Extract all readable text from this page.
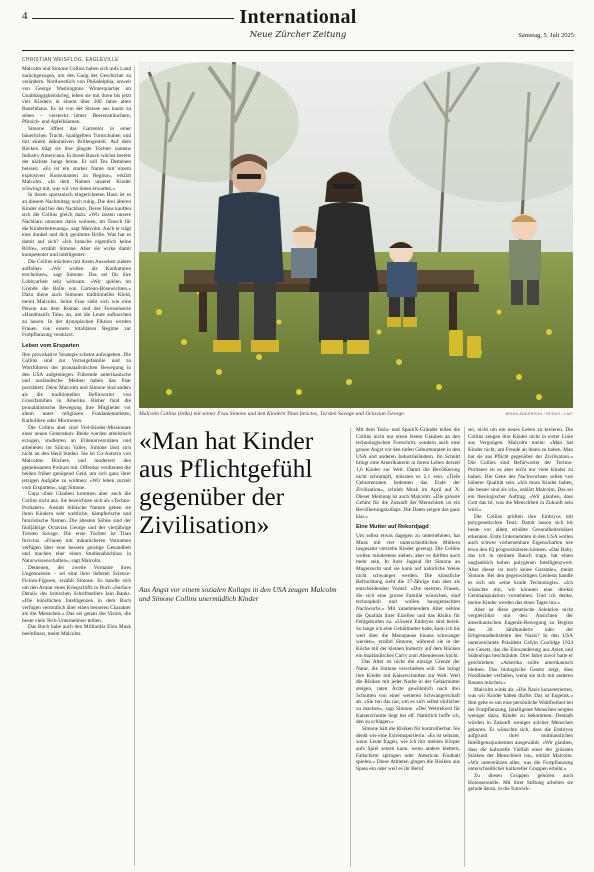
4	International
Neue Zürcher Zeitung	Samstag, 5. Juli 2025
CHRISTIAN WEISFLOG, EAGLEVILLE

Malcolm und Simone Collins haben sich aufs Land zurückgezogen, um den Gang der Geschichte zu verändern. Nordwestlich von Philadelphia, unweit von George Washingtons Winterquartier im Unabhängigkeitskrieg, leben sie mit ihren bis jetzt vier Kindern in einem über 200 Jahre alten Bauernhaus. Es ist von der Strasse aus kaum zu sehen – versteckt hinter Beerensträuchern, Pfirsich- und Apfelbäumen.

Simone öffnet das Gartentor in einer bäuerlichen Tracht, knallgelben Turnschuhen und mit einem dekorativen Brillengestell. Auf dem Rücken trägt sie ihre jüngste Tochter namens Industry Americana. In ihrem Bauch wächst bereits der nächste Junge heran. Er soll Tex Demenen heissen. «Es ist ein starker Name mit einem explosiven Konsonanten zu Beginn», erklärt Malcolm. «In dem Namen unserer Kinder schwingt mit, was wir von ihnen erwarten.»

In ihrem spartanisch eingerichteten Haus ist es an diesem Nachmittag noch ruhig. Die drei älteren Kinder sind bei den Nachbarn. Deren Haus kauften sich die Collins gleich dazu. «Wir lassen unsere Nachbarn umsonst darin wohnen, im Tausch für die Kinderbetreuung», sagt Malcolm. Auch er trägt eine dunkel und dick gerahmte Brille. Was hat es damit auf sich? «Ich brauche eigentlich keine Brille», erzählt Simone. Aber sie wirke damit kompetenter und intelligenter.

Die Collins möchten mit ihrem Aussehen zudem auffallen: «Wir wollen als Karikaturen erscheinen», sagt Simone. Das sei für ihre Lobbyarbeit sehr wirksam. «Wir spielen im Grunde die Rolle von Cartoon-Bösewichten.» Dazu diene auch Simones traditionelles Kleid, meint Malcolm. Seine Frau sieht sich wie eine Person aus dem Roman und der Fernsehserie «Handmaid's Tale» an, um die Leute aufhorchen zu lassen. In der dystopischen Fiktion werden Frauen von einem totalitären Regime zur Fortpflanzung versklavt.

Leben vom Ersparten

Ihre provokative Strategie scheint aufzugehen. Die Collins sind zur Vorzeigefamilie und zu Wortführern der pronatalistischen Bewegung in den USA aufgestiegen. Führende amerikanische und ausländische Medien haben das Paar porträtiert. Denn Malcolm und Simone sind anders als die traditionellen Befürworter von Grossfamilien in Amerika. Bisher fand die pronatalistische Bewegung ihre Mitglieder vor allem unter religiösen Fundamentalisten, Katholiken oder Mormonen.

Die Collins aber sind Viel-Kinder-Missionare einer neuen Generation: Beide wurden atheistisch erzogen, studierten an Eliteuniversitäten und arbeiteten im Silicon Valley. Simone lässt sich nicht an den Herd binden. Sie ist Co-Autorin von Malcolms Büchern und moderiert den gemeinsamen Podcast mit. Offenbar verdienten die beiden früher genügend Geld, um sich ganz ihrer jetzigen Aufgabe zu widmen: «Wir leben zurzeit vom Ersparten», sagt Simone.

Ganz ohne Glauben kommen aber auch die Collins nicht aus. Sie bezeichnen sich als «Techno-Puritaner». Anstatt biblische Namen geben sie ihren Kindern sehr weltliche, kämpferische und futuristische Namen. Die ältesten Söhne sind der fünfjährige Octavian George und der vierjährige Torsten Savage. Die erste Tochter ist Titan Invictus. «Frauen mit männlicheren Vornamen verfügen über eine bessere geistige Gesundheit und machen eher einen Studienabschluss in Naturwissenschaften», sagt Malcolm.

Demenen, der zweite Vorname ihres Ungeborenen – sei eine ihrer liebsten Science-Fiction-Figuren, erzählt Simone. Es handle sich um den Avatar eines Kriegschiffs in Buch «Surface Detail» des britischen Schriftstellers Iain Banks. «Die künstlichen Intelligenzen in dem Buch verfügen vermutlich über einen besseren Charakter als die Menschen.» Das sei genau die Vision, die heute viele Tech-Unternehmer teilten.

Das Buch habe auch den Milliardär Elon Musk beeinflusst, meint Malcolm.

Malcolm Collins (links) mit seiner Frau Simone und den Kindern Titan Invictus, Torsten Savage und Octavian George.	BRIAN ANDERSON / REDUX / LAIF
«Man hat Kinder aus Pflichtgefühl gegenüber der Zivilisation»
Aus Angst vor einem sozialen Kollaps in den USA zeugen Malcolm und Simone Collins unermüdlich Kinder

Mit dem Tesla- und SpaceX-Gründer teilen die Collins nicht nur einen festen Glauben an den technologischen Fortschritt, sondern auch eine grosse Angst vor den tiefen Geburtenraten in den USA und anderen Industrieländern. Im Schnitt bringt eine Amerikanerin in ihrem Leben derzeit 1,6 Kinder zur Welt. Damit die Bevölkerung nicht schrumpft, müssten es 2,1 sein. «Tiefe Geburtenraten bedeuten das Ende der Zivilisation», schrieb Musk im April auf X. Dieser Meinung ist auch Malcolm: «Die grösste Gefahr für die Zukunft der Menschheit ist ein Bevölkerungskollaps. Die Daten zeigen das ganz klar.»

Eine Mutter auf Rekordjagd

Um selbst etwas dagegen zu unternehmen, hat Musk mit vier unterschiedlichen Müttern insgesamt vierzehn Kinder gezeugt. Die Collins wollen mindestens sieben, aber es dürften auch mehr sein. In ihrer Jugend litt Simone an Magersucht und sie kann auf natürliche Weise nicht schwanger werden. Die künstliche Befruchtung sieht die 37-Jährige nun aber als entscheidenden Vorteil: «Die meisten Frauen, die sich eine grosse Familie wünschen, sind technophob und wollen hausgemachten Nachwuchs.» Mit zunehmendem Alter nehme die Qualität ihrer Eizellen und das Risiko für Fehlgeburten zu. «Unsere Embryos sind bereit. So lange ich eine Gebärmutter habe, kann ich bis weit über die Menopause hinaus schwanger werden», erzählt Simone, während sie in der Küche mit der kleinen Industry auf dem Rücken ein thailändisches Curry zum Abendessen kocht.

Das Alter ist nicht die einzige Grenze der Natur, die Simone verschieben will. Sie bringt ihre Kinder mit Kaiserschnitten zur Welt. Weil die Risiken mit jeder Narbe in der Gebärmutter steigen, raten Ärzte gewöhnlich nach drei Schnitten von einer weiteren Schwangerschaft ab. «Sie tun das nur, um es sich selbst einfacher zu machen», sagt Simone. «Der Weltrekord für Kaiserschnitte liegt bei elf. Natürlich hoffe ich, den zu schlagen.»

Simone hält die Risiken für kontrollierbar. Sie denkt wie eine Extremsportlerin: «Es ist seltsam, wenn Leute fragen, wie ich mir meinen Körper aufs Spiel setzen kann, wenn andere klettern, Fallschirm springen oder American Football spielen.» Diese Athleten gingen die Risiken aus Spass ein oder weil es ihr Beruf

sei, nicht um ein neues Leben zu kreieren. Die Collins zeugen ihre Kinder nicht in erster Linie aus Vergnügen. Malcolm meint: «Man hat Kinder nicht, um Freude an ihnen zu haben. Man hat sie aus Pflicht gegenüber der Zivilisation.» Die Collins sind Befürworter der Techno-Puritaner ist es aber nicht nur viele Kinder zu haben. Die Gene des Nachwuchses sollen von höherer Qualität sein. «Ich muss Kinder haben, die besser sind als ich», erklärt Malcolm. Das sei ein theologischer Auftrag. «Wir glauben, dass Gott das ist, was die Menschheit in Zukunft sein wird.»

Die Collins prüften ihre Embryos mit polygenetischen Tests. Damit lassen sich bis heute vor allem erhöhte Gesundheitsrisiken erkennen. Erste Unternehmen in den USA wollen auch schwer vorhersehbare Eigenschaften wie etwa den IQ prognostizieren können. «Das Baby, das ich in meinem Bauch trage, hat einen unglaublich hohen polygenen Intelligenzwert. Aber dieser ist noch keine Garantie», meint Simone. Bei den gegenwärtigen Gentests handle es sich um «eine krude Technologie». «Ich wünschte mir, wir könnten eine direkte Genmanipulation vornehmen. Und ich denke, meine Kinder werden das eines Tages tun.»

Aber ist diese genetische Selektion nicht vergleichbar mit den Ansichten der amerikanischen Eugenik-Bewegung zu Beginn des 20. Jahrhunderts oder der Erbgesundheitslehre der Nazis? In den USA unterzeichnete Präsident Calvin Coolidge 1924 ein Gesetz, das die Einwanderung aus Asien und Südeuropa beschränkte. Drei Jahre zuvor hatte er geschrieben: «Amerika sollte amerikanisch bleiben. Das biologische Gesetz zeigt, dass Nordländer verfallen, wenn sie sich mit anderen Rassen mischen.»

Malcolm winkt ab: «Die Nazis konzentrierten, was wir Kinder haben dürfte. Das ist Eugenik.» Ihm gehe es um eine persönliche Wahlfreiheit bei der Fortpflanzung. Intelligente Menschen neigten weniger dazu, Kinder zu bekommen. Deshalb würden in Zukunft weniger solcher Menschen geboren. Er wünschte sich, dass die Embryos aufgrund ihrer mutmasslichen Intelligenzquotienten ausgewählt. «Wir glauben, dass die kulturelle Vielfalt einer der grössten Stärken der Menschheit ist», erklärt Malcolm. «Wir unterstützen alles, was die Fortpflanzung unterschiedlicher kultureller Gruppen erhöht.»

Zu diesen Gruppen gehören auch Homosexuelle. Mit ihrer Stiftung arbeiten sie gerade daran, in die Entwick-
